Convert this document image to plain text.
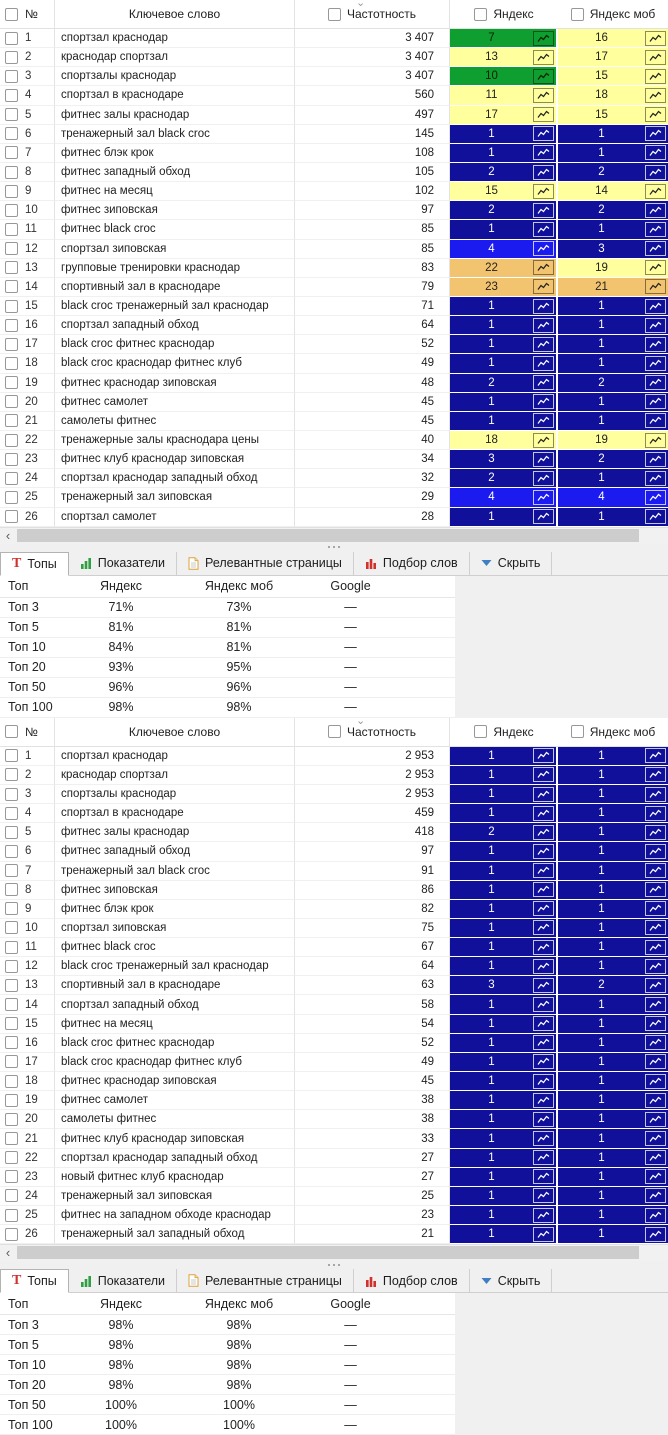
№	Ключевое слово	Частотность	Яндекс	Яндекс моб
⌄
1	спортзал краснодар	3 407	7	16
2	краснодар спортзал	3 407	13	17
3	спортзалы краснодар	3 407	10	15
4	спортзал в краснодаре	560	11	18
5	фитнес залы краснодар	497	17	15
6	тренажерный зал black croc	145	1	1
7	фитнес блэк крок	108	1	1
8	фитнес западный обход	105	2	2
9	фитнес на месяц	102	15	14
10	фитнес зиповская	97	2	2
11	фитнес black croc	85	1	1
12	спортзал зиповская	85	4	3
13	групповые тренировки краснодар	83	22	19
14	спортивный зал в краснодаре	79	23	21
15	black croc тренажерный зал краснодар	71	1	1
16	спортзал западный обход	64	1	1
17	black croc фитнес краснодар	52	1	1
18	black croc краснодар фитнес клуб	49	1	1
19	фитнес краснодар зиповская	48	2	2
20	фитнес самолет	45	1	1
21	самолеты фитнес	45	1	1
22	тренажерные залы краснодара цены	40	18	19
23	фитнес клуб краснодар зиповская	34	3	2
24	спортзал краснодар западный обход	32	2	1
25	тренажерный зал зиповская	29	4	4
26	спортзал самолет	28	1	1
‹
T Топы	Показатели	Релевантные страницы	Подбор слов	Скрыть
Топ	Яндекс	Яндекс моб	Google
Топ 3	71%	73%	—
Топ 5	81%	81%	—
Топ 10	84%	81%	—
Топ 20	93%	95%	—
Топ 50	96%	96%	—
Топ 100	98%	98%	—
№	Ключевое слово	Частотность	Яндекс	Яндекс моб
⌄
1	спортзал краснодар	2 953	1	1
2	краснодар спортзал	2 953	1	1
3	спортзалы краснодар	2 953	1	1
4	спортзал в краснодаре	459	1	1
5	фитнес залы краснодар	418	2	1
6	фитнес западный обход	97	1	1
7	тренажерный зал black croc	91	1	1
8	фитнес зиповская	86	1	1
9	фитнес блэк крок	82	1	1
10	спортзал зиповская	75	1	1
11	фитнес black croc	67	1	1
12	black croc тренажерный зал краснодар	64	1	1
13	спортивный зал в краснодаре	63	3	2
14	спортзал западный обход	58	1	1
15	фитнес на месяц	54	1	1
16	black croc фитнес краснодар	52	1	1
17	black croc краснодар фитнес клуб	49	1	1
18	фитнес краснодар зиповская	45	1	1
19	фитнес самолет	38	1	1
20	самолеты фитнес	38	1	1
21	фитнес клуб краснодар зиповская	33	1	1
22	спортзал краснодар западный обход	27	1	1
23	новый фитнес клуб краснодар	27	1	1
24	тренажерный зал зиповская	25	1	1
25	фитнес на западном обходе краснодар	23	1	1
26	тренажерный зал западный обход	21	1	1
‹
T Топы	Показатели	Релевантные страницы	Подбор слов	Скрыть
Топ	Яндекс	Яндекс моб	Google
Топ 3	98%	98%	—
Топ 5	98%	98%	—
Топ 10	98%	98%	—
Топ 20	98%	98%	—
Топ 50	100%	100%	—
Топ 100	100%	100%	—
